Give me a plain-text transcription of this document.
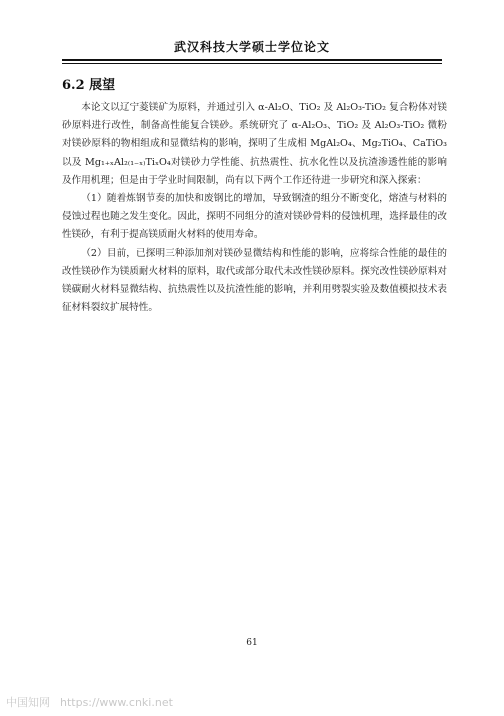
武汉科技大学硕士学位论文
6.2 展望

本论文以辽宁菱镁矿为原料，并通过引入 α-Al₂O、TiO₂ 及 Al₂O₃-TiO₂ 复合粉体对镁砂原料进行改性，制备高性能复合镁砂。系统研究了 α-Al₂O₃、TiO₂ 及 Al₂O₃-TiO₂ 微粉对镁砂原料的物相组成和显微结构的影响，探明了生成相 MgAl₂O₄、Mg₂TiO₄、CaTiO₃以及 Mg₁₊ₓAl₂₍₁₋ₓ₎TiₓO₄对镁砂力学性能、抗热震性、抗水化性以及抗渣渗透性能的影响及作用机理；但是由于学业时间限制，尚有以下两个工作还待进一步研究和深入探索：

（1）随着炼钢节奏的加快和废钢比的增加，导致钢渣的组分不断变化，熔渣与材料的侵蚀过程也随之发生变化。因此，探明不同组分的渣对镁砂骨料的侵蚀机理，选择最佳的改性镁砂，有利于提高镁质耐火材料的使用寿命。

（2）目前，已探明三种添加剂对镁砂显微结构和性能的影响，应将综合性能的最佳的改性镁砂作为镁质耐火材料的原料，取代或部分取代未改性镁砂原料。探究改性镁砂原料对镁碳耐火材料显微结构、抗热震性以及抗渣性能的影响，并利用劈裂实验及数值模拟技术表征材料裂纹扩展特性。

61
中国知网 https://www.cnki.net
